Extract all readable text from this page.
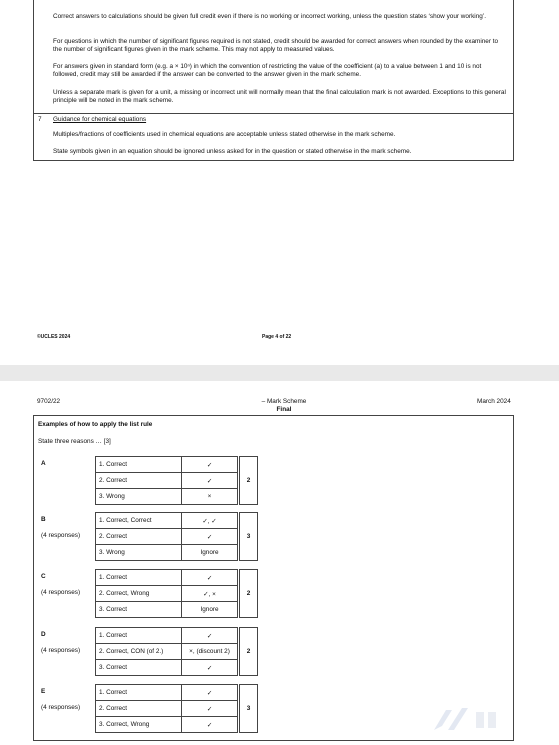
Correct answers to calculations should be given full credit even if there is no working or incorrect working, unless the question states ‘show your working’.

For questions in which the number of significant figures required is not stated, credit should be awarded for correct answers when rounded by the examiner to the number of significant figures given in the mark scheme. This may not apply to measured values.

For answers given in standard form (e.g. a × 10ⁿ) in which the convention of restricting the value of the coefficient (a) to a value between 1 and 10 is not followed, credit may still be awarded if the answer can be converted to the answer given in the mark scheme.

Unless a separate mark is given for a unit, a missing or incorrect unit will normally mean that the final calculation mark is not awarded. Exceptions to this general principle will be noted in the mark scheme.

7 Guidance for chemical equations

Multiples/fractions of coefficients used in chemical equations are acceptable unless stated otherwise in the mark scheme.

State symbols given in an equation should be ignored unless asked for in the question or stated otherwise in the mark scheme.

©UCLES 2024	Page 4 of 22
9702/22	– Mark Scheme
Final
March 2024
Examples of how to apply the list rule
State three reasons … [3]
A	1. Correct	✓		2
2. Correct	✓		
3. Wrong	×		
B
(4 responses)
1. Correct, Correct	✓, ✓		3
2. Correct	✓		
3. Wrong	Ignore		
C
(4 responses)
1. Correct	✓		2
2. Correct, Wrong	✓, ×		
3. Correct	Ignore		
D
(4 responses)
1. Correct	✓		2
2. Correct, CON (of 2.)	×, (discount 2)		
3. Correct	✓		
E
(4 responses)
1. Correct	✓		3
2. Correct	✓		
3. Correct, Wrong	✓		
